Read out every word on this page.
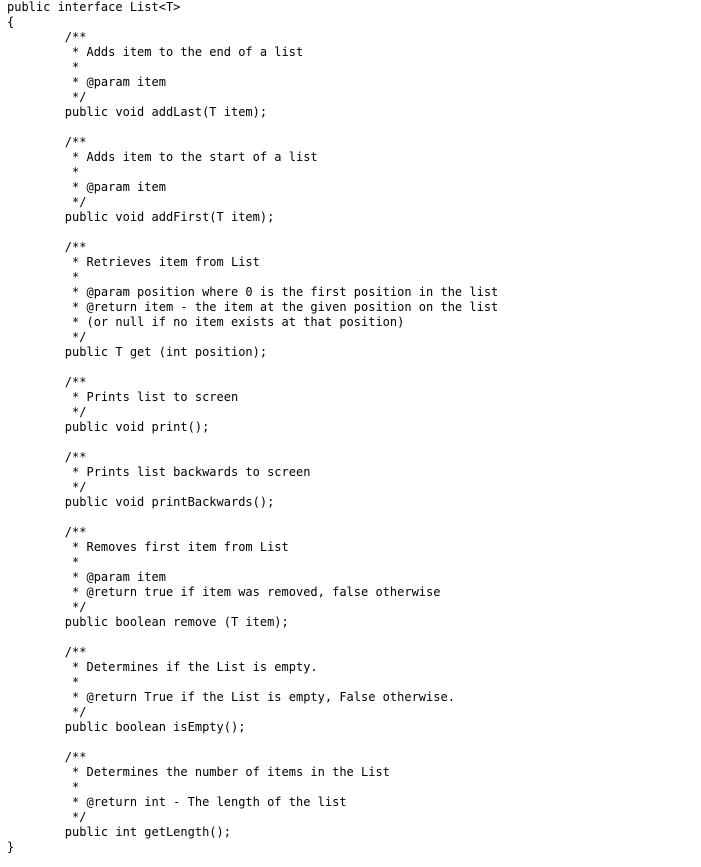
public interface List<T>
{
/**
* Adds item to the end of a list
*
* @param item
*/
public void addLast(T item);
/**
* Adds item to the start of a list
*
* @param item
*/
public void addFirst(T item);
/**
* Retrieves item from List
*
* @param position where 0 is the first position in the list
* @return item - the item at the given position on the list
* (or null if no item exists at that position)
*/
public T get (int position);
/**
* Prints list to screen
*/
public void print();
/**
* Prints list backwards to screen
*/
public void printBackwards();
/**
* Removes first item from List
*
* @param item
* @return true if item was removed, false otherwise
*/
public boolean remove (T item);
/**
* Determines if the List is empty.
*
* @return True if the List is empty, False otherwise.
*/
public boolean isEmpty();
/**
* Determines the number of items in the List
*
* @return int - The length of the list
*/
public int getLength();
}
